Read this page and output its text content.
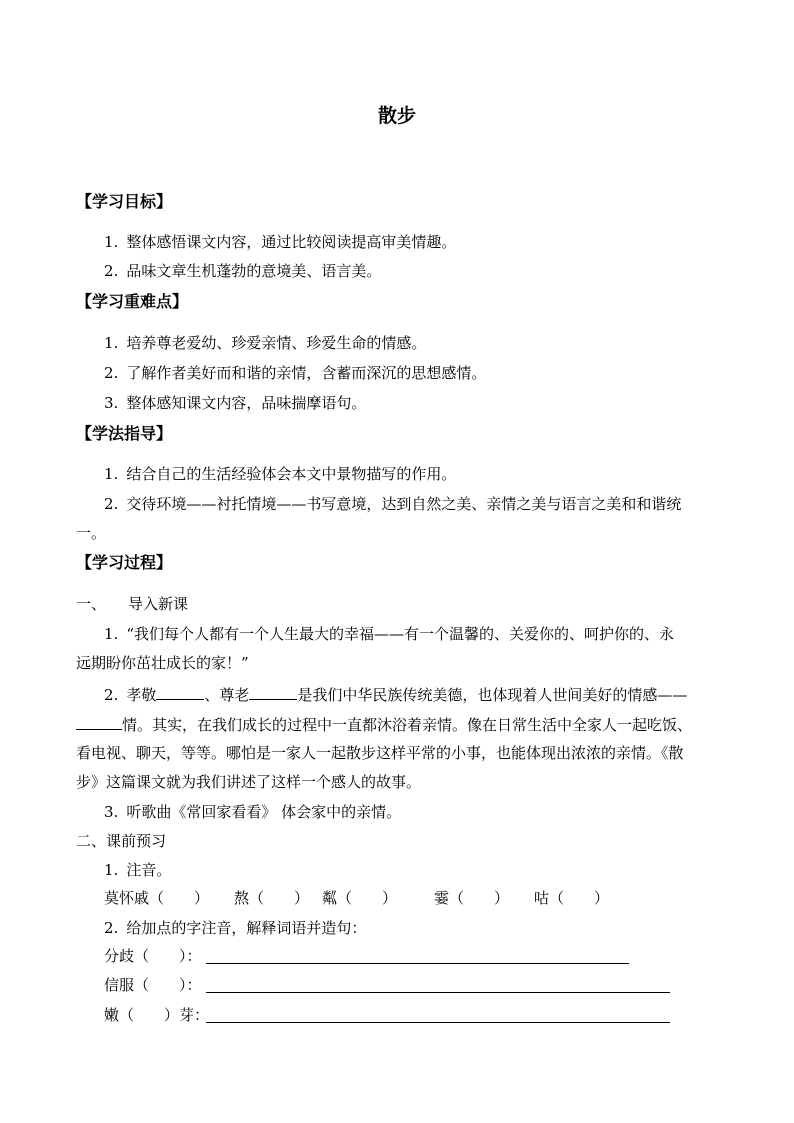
散步
【学习目标】
1. 整体感悟课文内容，通过比较阅读提高审美情趣。
2. 品味文章生机蓬勃的意境美、语言美。
【学习重难点】
1. 培养尊老爱幼、珍爱亲情、珍爱生命的情感。
2. 了解作者美好而和谐的亲情，含蓄而深沉的思想感情。
3. 整体感知课文内容，品味揣摩语句。
【学法指导】
1. 结合自己的生活经验体会本文中景物描写的作用。
2. 交待环境——衬托情境——书写意境，达到自然之美、亲情之美与语言之美和和谐统
一。
【学习过程】
一、 导入新课
1. “我们每个人都有一个人生最大的幸福——有一个温馨的、关爱你的、呵护你的、永
远期盼你茁壮成长的家！”
2. 孝敬	、尊老	是我们中华民族传统美德，也体现着人世间美好的情感——
情。其实，在我们成长的过程中一直都沐浴着亲情。像在日常生活中全家人一起吃饭、
看电视、聊天，等等。哪怕是一家人一起散步这样平常的小事，也能体现出浓浓的亲情。《散
步》这篇课文就为我们讲述了这样一个感人的故事。
3. 听歌曲《常回家看看》 体会家中的亲情。
二、课前预习
1. 注音。
莫怀戚（　　） 熬（　　） 粼（　　） 霎（　　） 咕（　　）
2. 给加点的字注音，解释词语并造句：
分歧（　　）：
信服（　　）：
嫩（　　）芽：
